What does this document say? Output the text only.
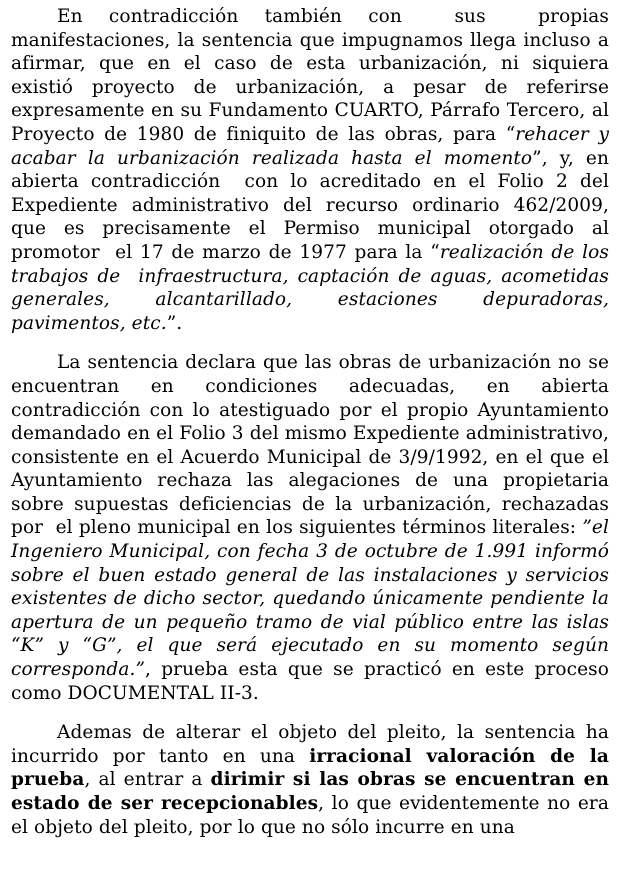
En contradicción también con  sus  propias manifestaciones, la sentencia que impugnamos llega incluso a afirmar, que en el caso de esta urbanización, ni siquiera existió proyecto de urbanización, a pesar de referirse expresamente en su Fundamento CUARTO, Párrafo Tercero, al Proyecto de 1980 de finiquito de las obras, para “rehacer y acabar la urbanización realizada hasta el momento”, y, en abierta contradicción  con lo acreditado en el Folio 2 del Expediente administrativo del recurso ordinario 462/2009, que es precisamente el Permiso municipal otorgado al promotor  el 17 de marzo de 1977 para la “realización de los trabajos de  infraestructura, captación de aguas, acometidas generales, alcantarillado, estaciones depuradoras, pavimentos, etc.”.

La sentencia declara que las obras de urbanización no se encuentran en condiciones adecuadas, en abierta contradicción con lo atestiguado por el propio Ayuntamiento demandado en el Folio 3 del mismo Expediente administrativo, consistente en el Acuerdo Municipal de 3/9/1992, en el que el Ayuntamiento rechaza las alegaciones de una propietaria sobre supuestas deficiencias de la urbanización, rechazadas por  el pleno municipal en los siguientes términos literales: ”el Ingeniero Municipal, con fecha 3 de octubre de 1.991 informó sobre el buen estado general de las instalaciones y servicios existentes de dicho sector, quedando únicamente pendiente la apertura de un pequeño tramo de vial público entre las islas “K” y “G”, el que será ejecutado en su momento según corresponda.”, prueba esta que se practicó en este proceso como DOCUMENTAL II-3.

Ademas de alterar el objeto del pleito, la sentencia ha incurrido por tanto en una irracional valoración de la prueba, al entrar a dirimir si las obras se encuentran en estado de ser recepcionables, lo que evidentemente no era el objeto del pleito, por lo que no sólo incurre en una
